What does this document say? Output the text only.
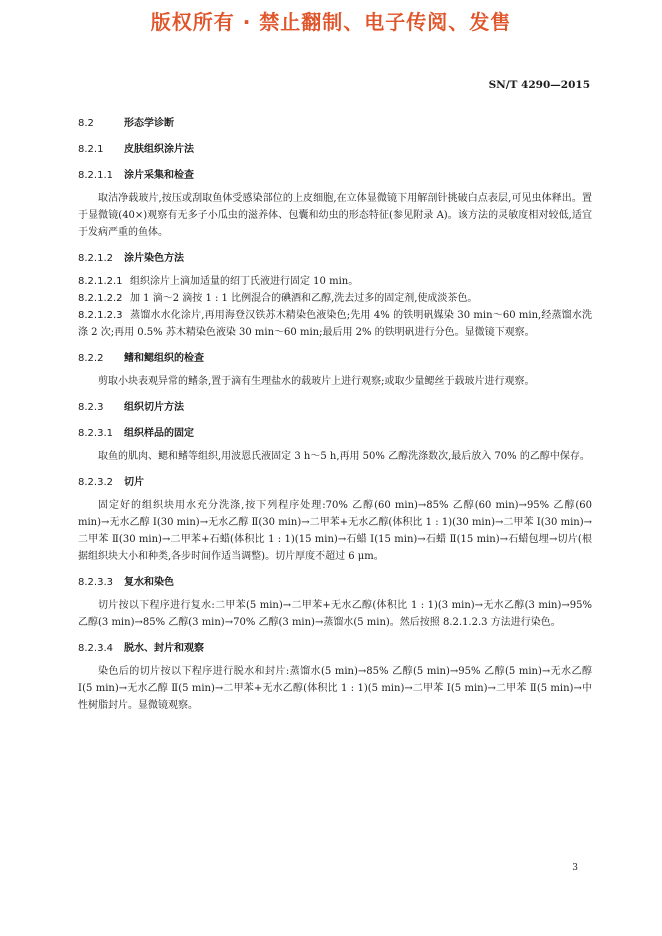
版权所有 · 禁止翻制、电子传阅、发售
SN/T 4290—2015

8.2	形态学诊断

8.2.1 皮肤组织涂片法

8.2.1.1 涂片采集和检查

取洁净载玻片,按压或刮取鱼体受感染部位的上皮细胞,在立体显微镜下用解剖针挑破白点表层,可见虫体释出。置于显微镜(40×)观察有无多子小瓜虫的滋养体、包囊和幼虫的形态特征(参见附录 A)。该方法的灵敏度相对较低,适宜于发病严重的鱼体。

8.2.1.2 涂片染色方法

8.2.1.2.1 组织涂片上滴加适量的绍丁氏液进行固定 10 min。

8.2.1.2.2 加 1 滴～2 滴按 1 : 1 比例混合的碘酒和乙醇,洗去过多的固定剂,使成淡茶色。

8.2.1.2.3 蒸馏水水化涂片,再用海登汉铁苏木精染色液染色;先用 4% 的铁明矾媒染 30 min～60 min,经蒸馏水洗涤 2 次;再用 0.5% 苏木精染色液染 30 min～60 min;最后用 2% 的铁明矾进行分色。显微镜下观察。

8.2.2 鳍和鳃组织的检查

剪取小块表观异常的鳍条,置于滴有生理盐水的载玻片上进行观察;或取少量鳃丝于载玻片进行观察。

8.2.3 组织切片方法

8.2.3.1 组织样品的固定

取鱼的肌肉、鳃和鳍等组织,用波恩氏液固定 3 h～5 h,再用 50% 乙醇洗涤数次,最后放入 70% 的乙醇中保存。

8.2.3.2 切片

固定好的组织块用水充分洗涤,按下列程序处理:70% 乙醇(60 min)→85% 乙醇(60 min)→95% 乙醇(60 min)→无水乙醇 Ⅰ(30 min)→无水乙醇 Ⅱ(30 min)→二甲苯+无水乙醇(体积比 1 : 1)(30 min)→二甲苯 Ⅰ(30 min)→二甲苯 Ⅱ(30 min)→二甲苯+石蜡(体积比 1 : 1)(15 min)→石蜡 Ⅰ(15 min)→石蜡 Ⅱ(15 min)→石蜡包埋→切片(根据组织块大小和种类,各步时间作适当调整)。切片厚度不超过 6 μm。

8.2.3.3 复水和染色

切片按以下程序进行复水:二甲苯(5 min)→二甲苯+无水乙醇(体积比 1 : 1)(3 min)→无水乙醇(3 min)→95% 乙醇(3 min)→85% 乙醇(3 min)→70% 乙醇(3 min)→蒸馏水(5 min)。然后按照 8.2.1.2.3 方法进行染色。

8.2.3.4 脱水、封片和观察

染色后的切片按以下程序进行脱水和封片:蒸馏水(5 min)→85% 乙醇(5 min)→95% 乙醇(5 min)→无水乙醇 Ⅰ(5 min)→无水乙醇 Ⅱ(5 min)→二甲苯+无水乙醇(体积比 1 : 1)(5 min)→二甲苯 Ⅰ(5 min)→二甲苯 Ⅱ(5 min)→中性树脂封片。显微镜观察。

3
